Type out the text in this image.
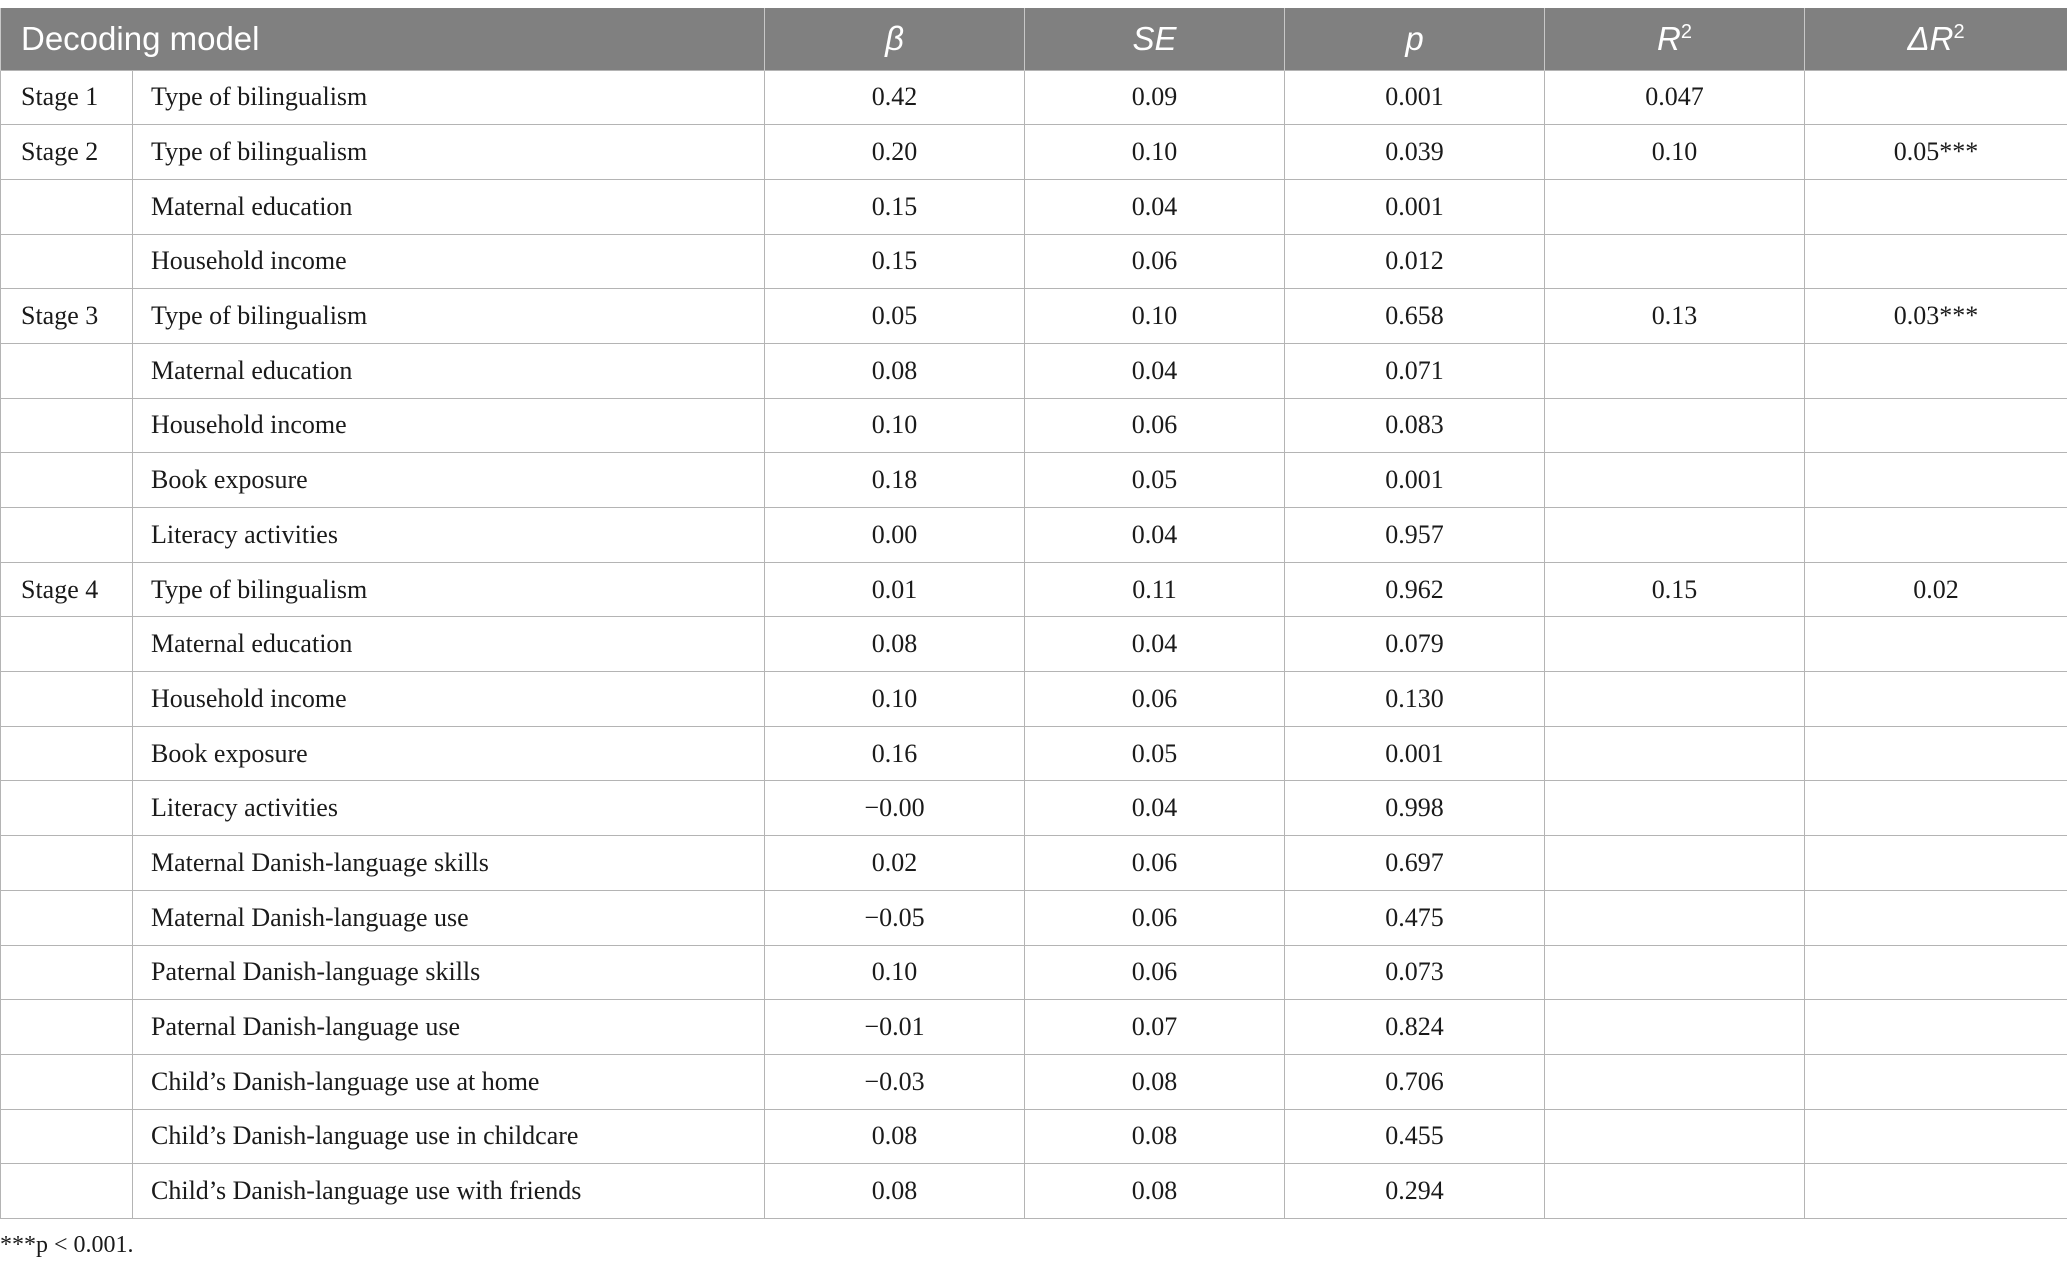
Decoding model		β	SE	p	$R^2$	$\Delta R^2$
Stage 1	Type of bilingualism	0.42	0.09	0.001	0.047	
Stage 2	Type of bilingualism	0.20	0.10	0.039	0.10	0.05***
	Maternal education	0.15	0.04	0.001		
	Household income	0.15	0.06	0.012		
Stage 3	Type of bilingualism	0.05	0.10	0.658	0.13	0.03***
	Maternal education	0.08	0.04	0.071		
	Household income	0.10	0.06	0.083		
	Book exposure	0.18	0.05	0.001		
	Literacy activities	0.00	0.04	0.957		
Stage 4	Type of bilingualism	0.01	0.11	0.962	0.15	0.02
	Maternal education	0.08	0.04	0.079		
	Household income	0.10	0.06	0.130		
	Book exposure	0.16	0.05	0.001		
	Literacy activities	−0.00	0.04	0.998		
	Maternal Danish-language skills	0.02	0.06	0.697		
	Maternal Danish-language use	−0.05	0.06	0.475		
	Paternal Danish-language skills	0.10	0.06	0.073		
	Paternal Danish-language use	−0.01	0.07	0.824		
	Child’s Danish-language use at home	−0.03	0.08	0.706		
	Child’s Danish-language use in childcare	0.08	0.08	0.455		
	Child’s Danish-language use with friends	0.08	0.08	0.294		
***p < 0.001.
